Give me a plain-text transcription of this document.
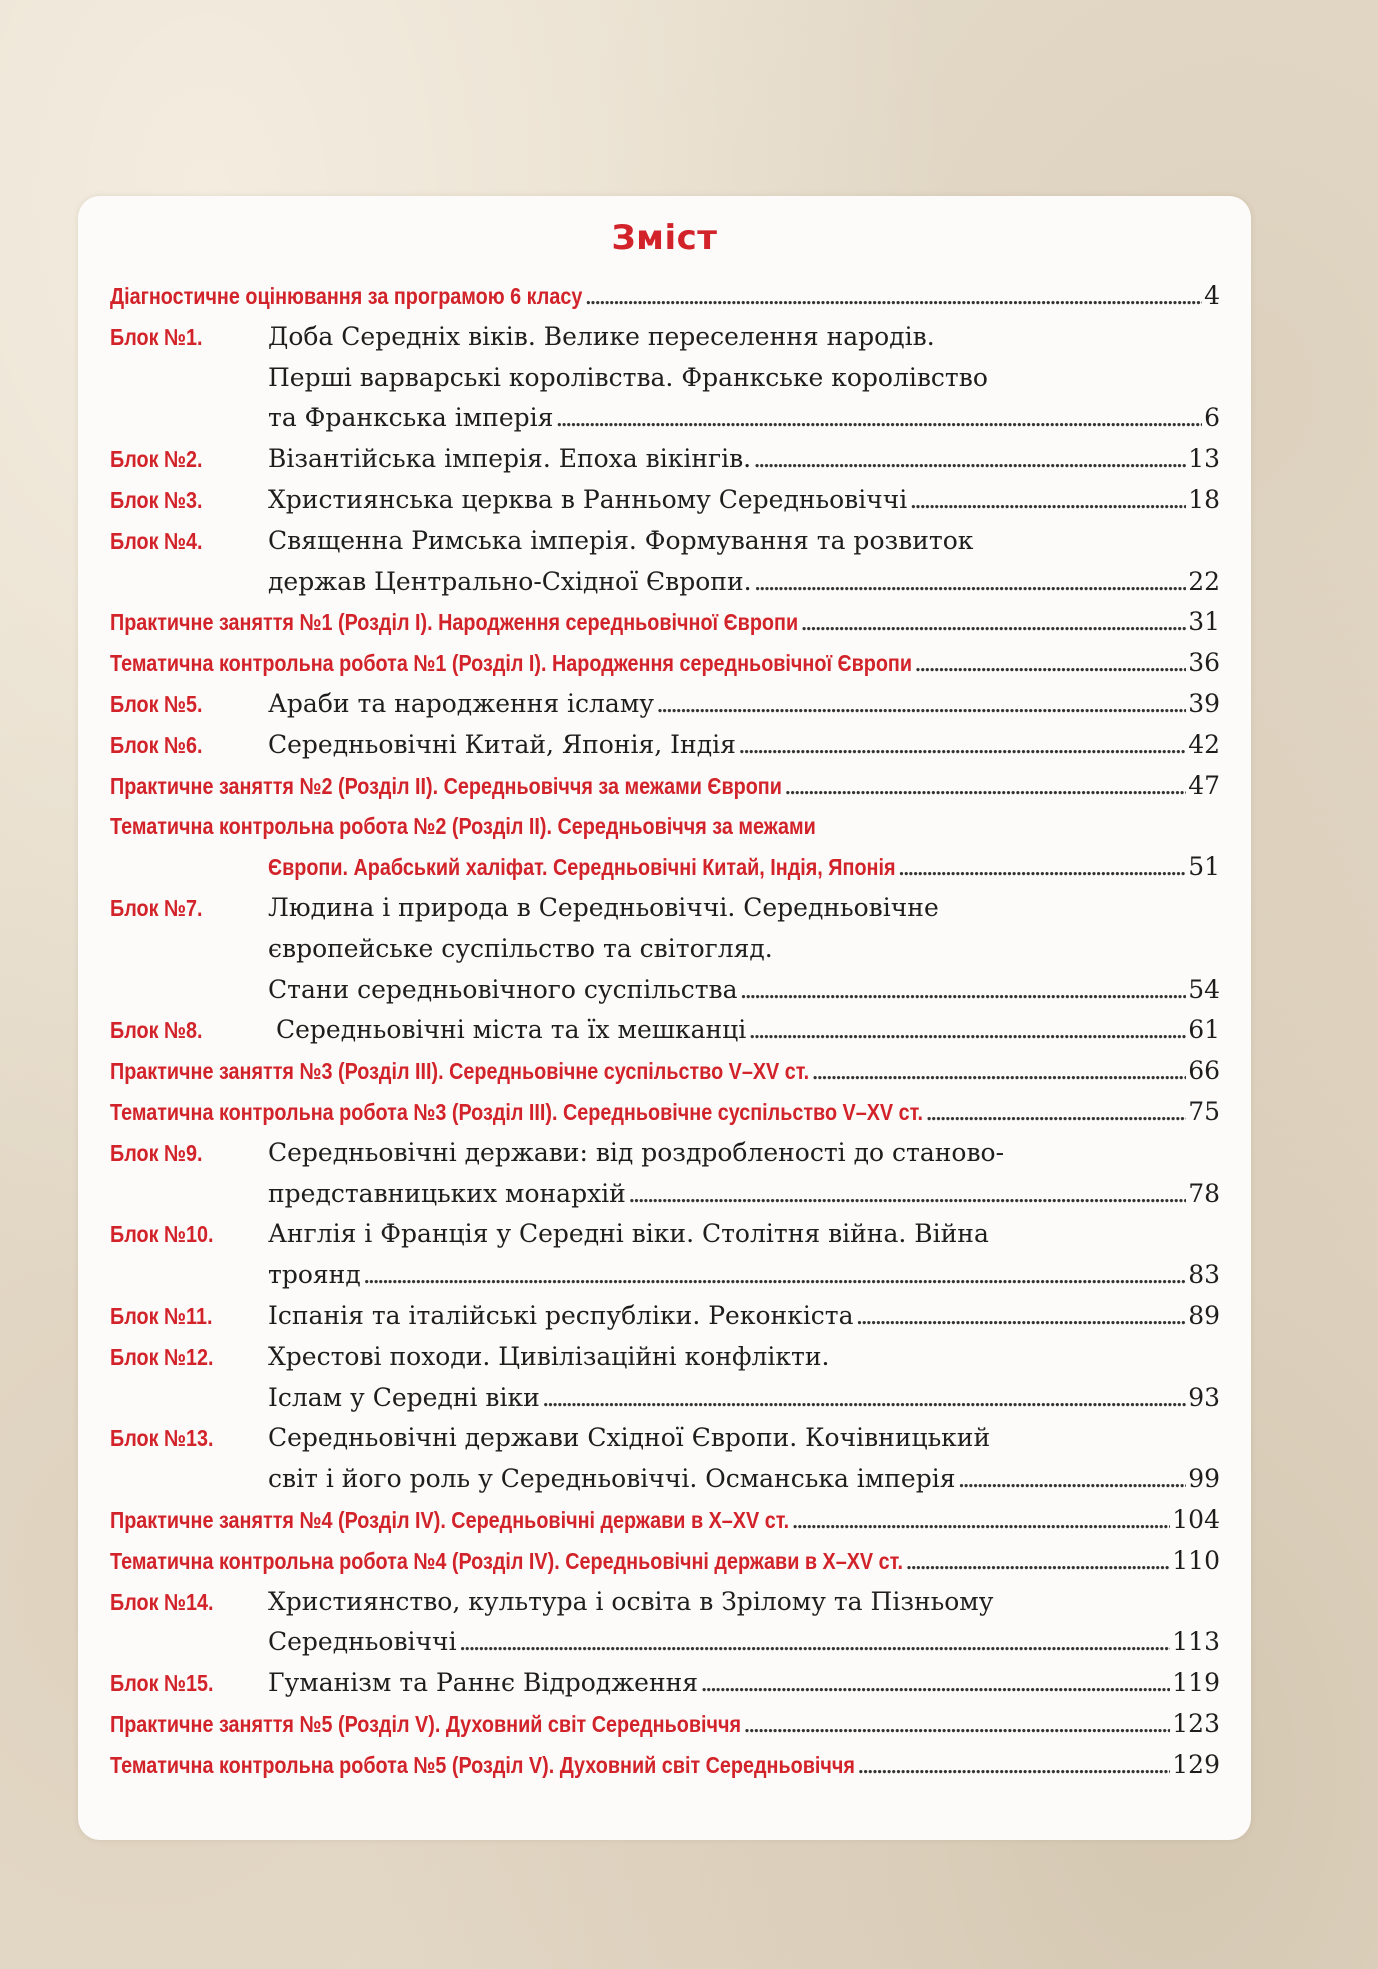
Зміст
Діагностичне оцінювання за програмою 6 класу . . .	4
Блок №1.	Доба Середніх віків. Велике переселення народів.
Перші варварські королівства. Франкське королівство
та Франкська імперія . . .	6
Блок №2.	Візантійська імперія. Епоха вікінгів. . . .	13
Блок №3.	Християнська церква в Ранньому Середньовіччі . . .	18
Блок №4.	Священна Римська імперія. Формування та розвиток
держав Центрально-Східної Європи. . . .	22
Практичне заняття №1 (Розділ І). Народження середньовічної Європи . . .	31
Тематична контрольна робота №1 (Розділ І). Народження середньовічної Європи . . .	36
Блок №5.	Араби та народження ісламу . . .	39
Блок №6.	Середньовічні Китай, Японія, Індія . . .	42
Практичне заняття №2 (Розділ ІІ). Середньовіччя за межами Європи . . .	47
Тематична контрольна робота №2 (Розділ ІІ). Середньовіччя за межами
Європи. Арабський халіфат. Середньовічні Китай, Індія, Японія . . .	51
Блок №7.	Людина і природа в Середньовіччі. Середньовічне
європейське суспільство та світогляд.
Стани середньовічного суспільства . . .	54
Блок №8.	Середньовічні міста та їх мешканці . . .	61
Практичне заняття №3 (Розділ ІІІ). Середньовічне суспільство V–XV ст. . . .	66
Тематична контрольна робота №3 (Розділ ІІІ). Середньовічне суспільство V–XV ст. . . .	75
Блок №9.	Середньовічні держави: від роздробленості до станово-
представницьких монархій . . .	78
Блок №10. Англія і Франція у Середні віки. Столітня війна. Війна
троянд . . .	83
Блок №11. Іспанія та італійські республіки. Реконкіста . . .	89
Блок №12. Хрестові походи. Цивілізаційні конфлікти.
Іслам у Середні віки . . .	93
Блок №13. Середньовічні держави Східної Європи. Кочівницький
світ і його роль у Середньовіччі. Османська імперія . . .	99
Практичне заняття №4 (Розділ ІV). Середньовічні держави в X–XV ст. . . .	104
Тематична контрольна робота №4 (Розділ ІV). Середньовічні держави в X–XV ст. . . .	110
Блок №14. Християнство, культура і освіта в Зрілому та Пізньому
Середньовіччі . . .	113
Блок №15. Гуманізм та Раннє Відродження . . .	119
Практичне заняття №5 (Розділ V). Духовний світ Середньовіччя . . .	123
Тематична контрольна робота №5 (Розділ V). Духовний світ Середньовіччя . . .	129
